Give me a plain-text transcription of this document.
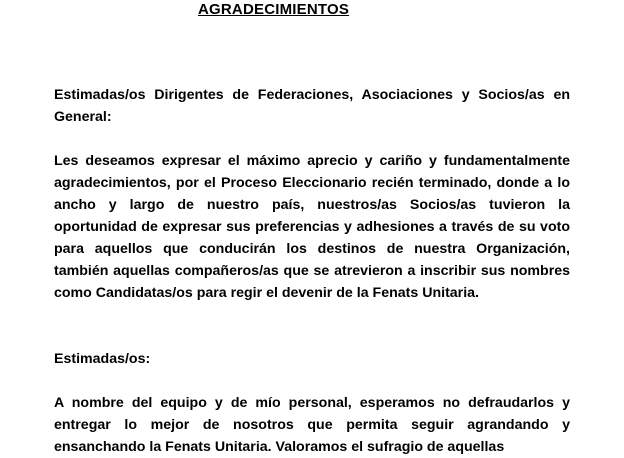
AGRADECIMIENTOS

Estimadas/os Dirigentes de Federaciones, Asociaciones y Socios/as en General:

Les deseamos expresar el máximo aprecio y cariño y fundamentalmente agradecimientos, por el Proceso Eleccionario recién terminado, donde a lo ancho y largo de nuestro país, nuestros/as Socios/as tuvieron la oportunidad de expresar sus preferencias y adhesiones a través de su voto para aquellos que conducirán los destinos de nuestra Organización, también aquellas compañeros/as que se atrevieron a inscribir sus nombres como Candidatas/os para regir el devenir de la Fenats Unitaria.

Estimadas/os:

A nombre del equipo y de mío personal, esperamos no defraudarlos y entregar lo mejor de nosotros que permita seguir agrandando y ensanchando la Fenats Unitaria. Valoramos el sufragio de aquellas
